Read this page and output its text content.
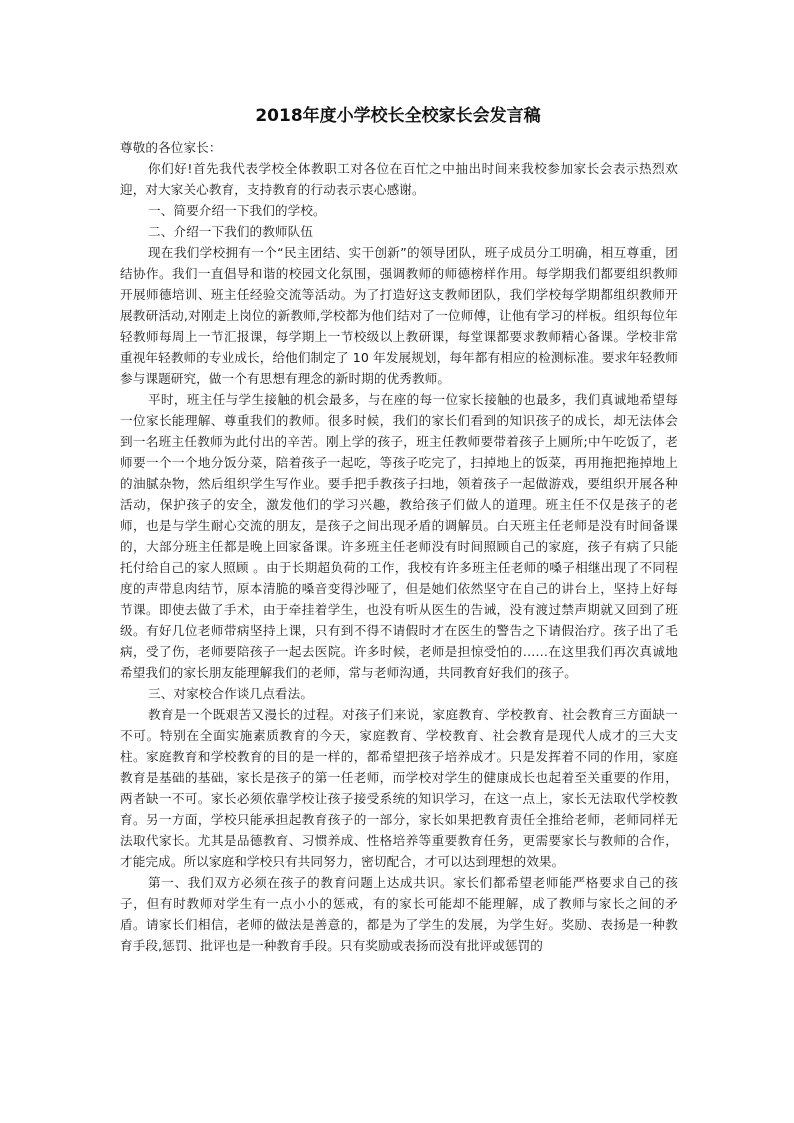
2018年度小学校长全校家长会发言稿

尊敬的各位家长：

你们好!首先我代表学校全体教职工对各位在百忙之中抽出时间来我校参加家长会表示热烈欢迎，对大家关心教育，支持教育的行动表示衷心感谢。

一、简要介绍一下我们的学校。

二、介绍一下我们的教师队伍

现在我们学校拥有一个“民主团结、实干创新”的领导团队，班子成员分工明确，相互尊重，团结协作。我们一直倡导和谐的校园文化氛围，强调教师的师德榜样作用。每学期我们都要组织教师开展师德培训、班主任经验交流等活动。为了打造好这支教师团队，我们学校每学期都组织教师开展教研活动,对刚走上岗位的新教师,学校都为他们结对了一位师傅，让他有学习的样板。组织每位年轻教师每周上一节汇报课，每学期上一节校级以上教研课，每堂课都要求教师精心备课。学校非常重视年轻教师的专业成长，给他们制定了 10 年发展规划，每年都有相应的检测标准。要求年轻教师参与课题研究，做一个有思想有理念的新时期的优秀教师。

平时，班主任与学生接触的机会最多，与在座的每一位家长接触的也最多，我们真诚地希望每一位家长能理解、尊重我们的教师。很多时候，我们的家长们看到的知识孩子的成长，却无法体会到一名班主任教师为此付出的辛苦。刚上学的孩子，班主任教师要带着孩子上厕所;中午吃饭了，老师要一个一个地分饭分菜，陪着孩子一起吃，等孩子吃完了，扫掉地上的饭菜，再用拖把拖掉地上的油腻杂物，然后组织学生写作业。要手把手教孩子扫地，领着孩子一起做游戏，要组织开展各种活动，保护孩子的安全，激发他们的学习兴趣，教给孩子们做人的道理。班主任不仅是孩子的老师，也是与学生耐心交流的朋友，是孩子之间出现矛盾的调解员。白天班主任老师是没有时间备课的，大部分班主任都是晚上回家备课。许多班主任老师没有时间照顾自己的家庭，孩子有病了只能托付给自己的家人照顾 。由于长期超负荷的工作，我校有许多班主任老师的嗓子相继出现了不同程度的声带息肉结节，原本清脆的嗓音变得沙哑了，但是她们依然坚守在自己的讲台上，坚持上好每节课。即使去做了手术，由于牵挂着学生，也没有听从医生的告诫，没有渡过禁声期就又回到了班级。有好几位老师带病坚持上课，只有到不得不请假时才在医生的警告之下请假治疗。孩子出了毛病，受了伤，老师要陪孩子一起去医院。许多时候，老师是担惊受怕的……在这里我们再次真诚地希望我们的家长朋友能理解我们的老师，常与老师沟通，共同教育好我们的孩子。

三、对家校合作谈几点看法。

教育是一个既艰苦又漫长的过程。对孩子们来说，家庭教育、学校教育、社会教育三方面缺一不可。特别在全面实施素质教育的今天，家庭教育、学校教育、社会教育是现代人成才的三大支柱。家庭教育和学校教育的目的是一样的，都希望把孩子培养成才。只是发挥着不同的作用，家庭教育是基础的基础，家长是孩子的第一任老师，而学校对学生的健康成长也起着至关重要的作用，两者缺一不可。家长必须依靠学校让孩子接受系统的知识学习，在这一点上，家长无法取代学校教育。另一方面，学校只能承担起教育孩子的一部分，家长如果把教育责任全推给老师，老师同样无法取代家长。尤其是品德教育、习惯养成、性格培养等重要教育任务，更需要家长与教师的合作，才能完成。所以家庭和学校只有共同努力，密切配合，才可以达到理想的效果。

第一、我们双方必须在孩子的教育问题上达成共识。家长们都希望老师能严格要求自己的孩子，但有时教师对学生有一点小小的惩戒，有的家长可能却不能理解，成了教师与家长之间的矛盾。请家长们相信，老师的做法是善意的，都是为了学生的发展，为学生好。奖励、表扬是一种教育手段,惩罚、批评也是一种教育手段。只有奖励或表扬而没有批评或惩罚的
